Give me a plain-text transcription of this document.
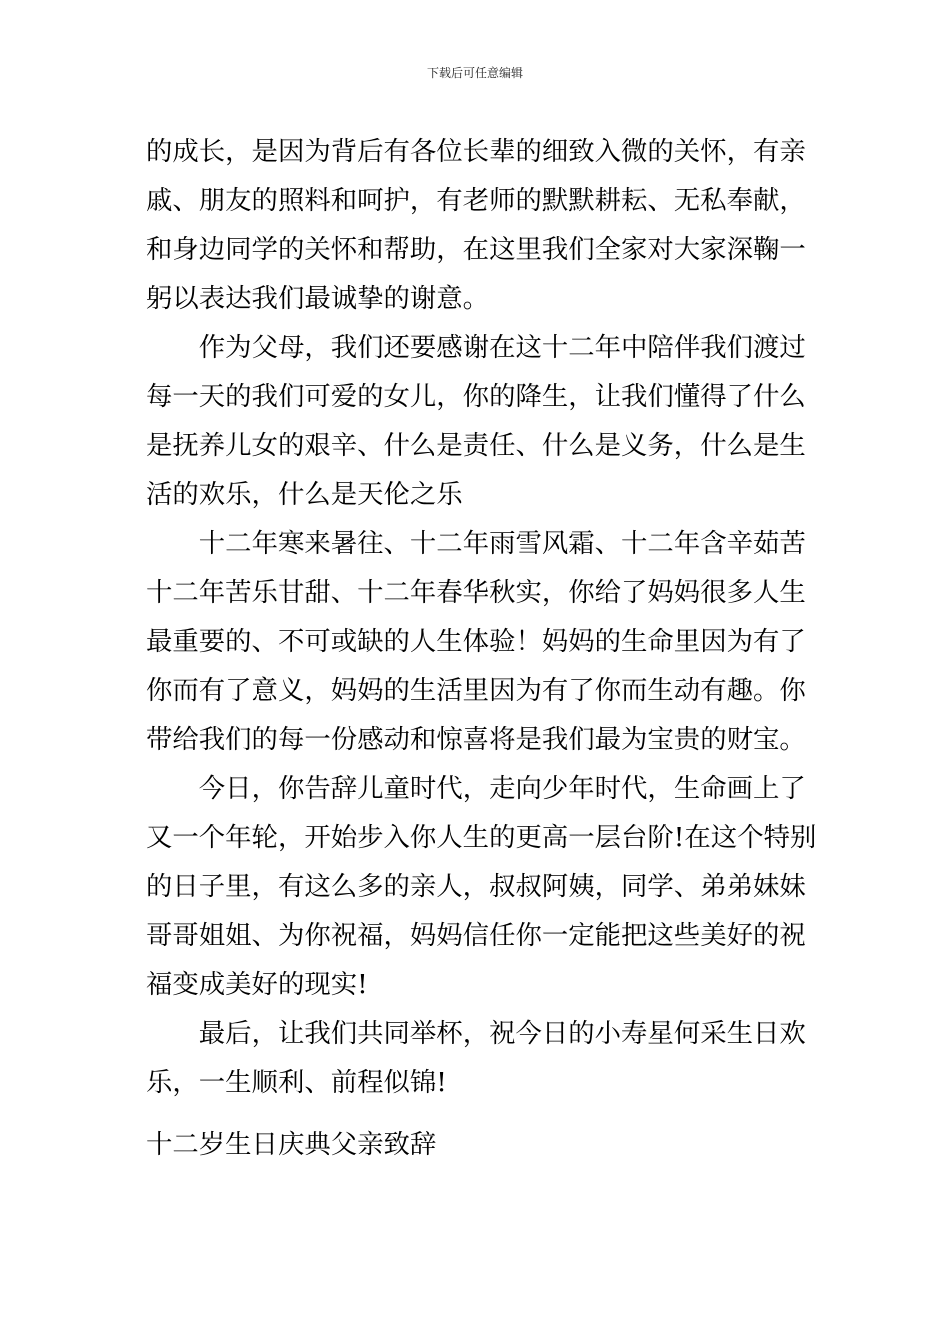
下载后可任意编辑

的成长，是因为背后有各位长辈的细致入微的关怀，有亲

戚、朋友的照料和呵护，有老师的默默耕耘、无私奉献，

和身边同学的关怀和帮助，在这里我们全家对大家深鞠一

躬以表达我们最诚挚的谢意。

作为父母，我们还要感谢在这十二年中陪伴我们渡过

每一天的我们可爱的女儿，你的降生，让我们懂得了什么

是抚养儿女的艰辛、什么是责任、什么是义务，什么是生

活的欢乐，什么是天伦之乐

十二年寒来暑往、十二年雨雪风霜、十二年含辛茹苦

十二年苦乐甘甜、十二年春华秋实，你给了妈妈很多人生

最重要的、不可或缺的人生体验！妈妈的生命里因为有了

你而有了意义，妈妈的生活里因为有了你而生动有趣。你

带给我们的每一份感动和惊喜将是我们最为宝贵的财宝。

今日，你告辞儿童时代，走向少年时代，生命画上了

又一个年轮，开始步入你人生的更高一层台阶!在这个特别

的日子里，有这么多的亲人，叔叔阿姨，同学、弟弟妹妹

哥哥姐姐、为你祝福，妈妈信任你一定能把这些美好的祝

福变成美好的现实!

最后，让我们共同举杯，祝今日的小寿星何采生日欢

乐，一生顺利、前程似锦!

十二岁生日庆典父亲致辞
